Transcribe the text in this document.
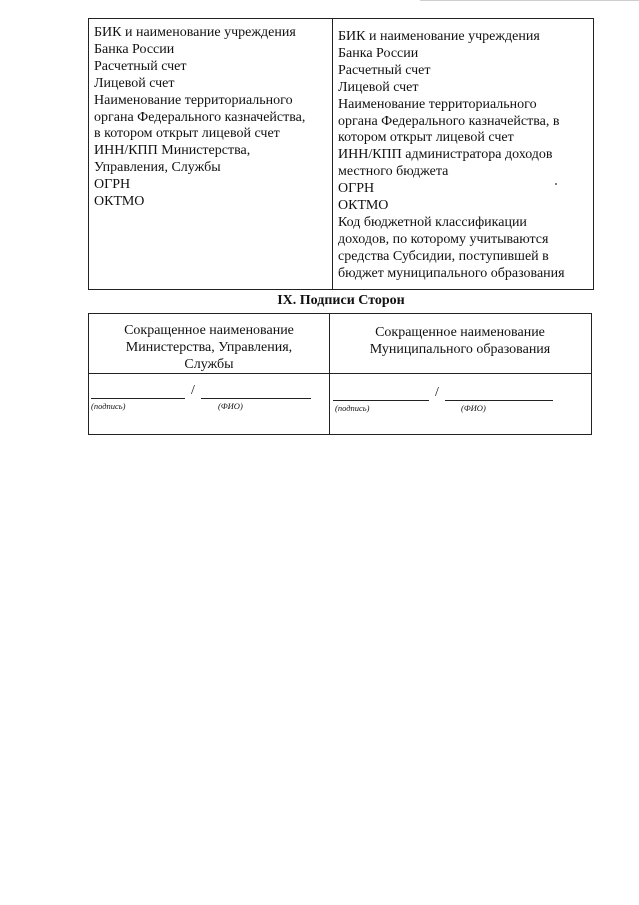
БИК и наименование учреждения
Банка России
Расчетный счет
Лицевой счет
Наименование территориального
органа Федерального казначейства,
в котором открыт лицевой счет
ИНН/КПП Министерства,
Управления, Службы
ОГРН
ОКТМО
БИК и наименование учреждения
Банка России
Расчетный счет
Лицевой счет
Наименование территориального
органа Федерального казначейства, в
котором открыт лицевой счет
ИНН/КПП администратора доходов
местного бюджета
ОГРН
ОКТМО
Код бюджетной классификации
доходов, по которому учитываются
средства Субсидии, поступившей в
бюджет муниципального образования
IX. Подписи Сторон
Сокращенное наименование
Министерства, Управления,
Службы
Сокращенное наименование
Муниципального образования
/
(подпись)	(ФИО)
/
(подпись)	(ФИО)
